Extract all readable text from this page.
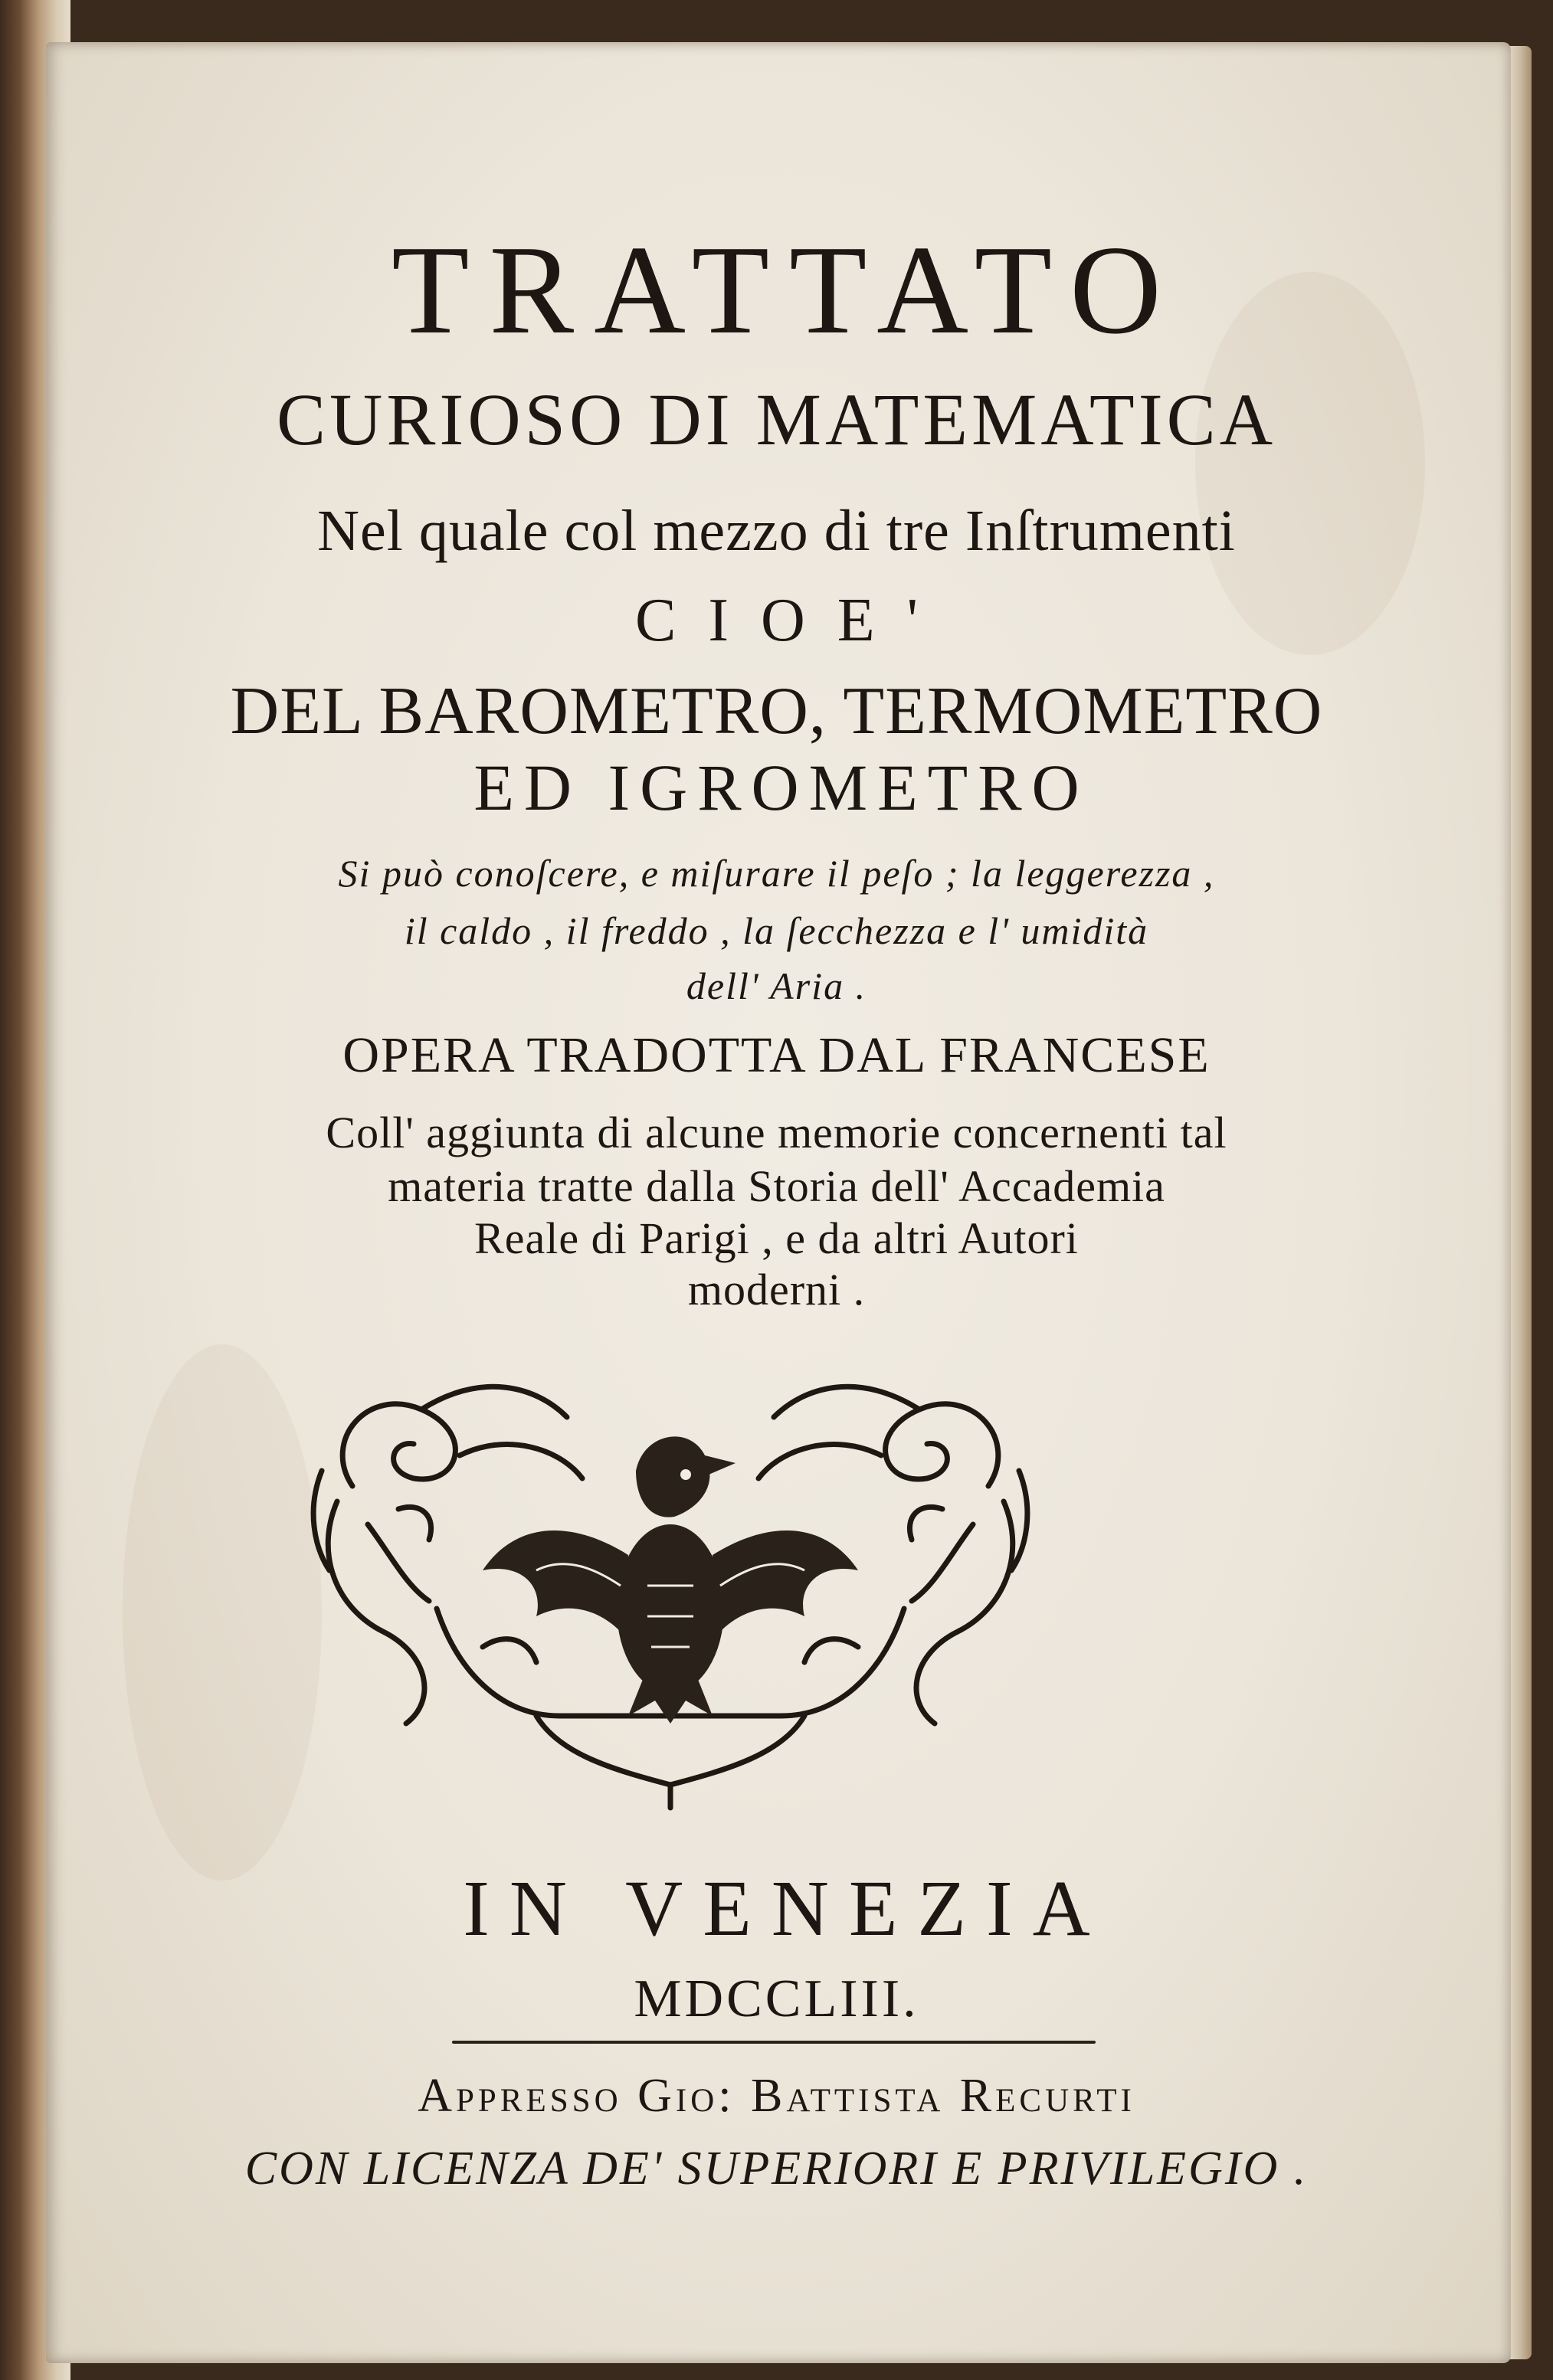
TRATTATO
CURIOSO DI MATEMATICA
Nel quale col mezzo di tre Inſtrumenti
CIOE'
DEL BAROMETRO, TERMOMETRO
ED IGROMETRO
Si può conoſcere, e miſurare il peſo ; la leggerezza ,
il caldo , il freddo , la ſecchezza e l' umidità
dell' Aria .
OPERA TRADOTTA DAL FRANCESE
Coll' aggiunta di alcune memorie concernenti tal
materia tratte dalla Storia dell' Accademia
Reale di Parigi , e da altri Autori
moderni .
IN VENEZIA
MDCCLIII.
Appresso Gio: Battista Recurti
CON LICENZA DE' SUPERIORI E PRIVILEGIO .
